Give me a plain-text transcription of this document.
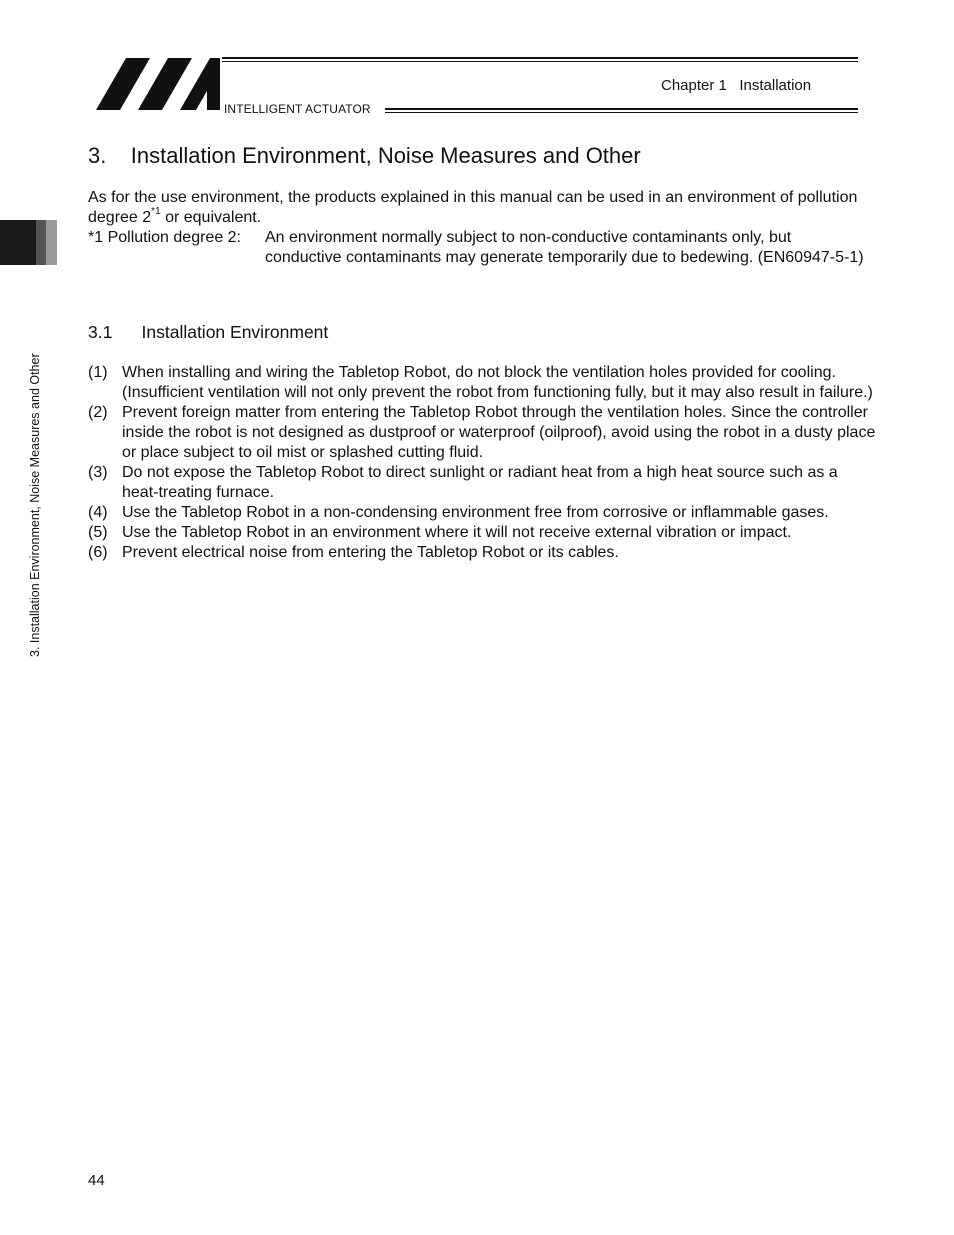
Chapter 1   Installation
INTELLIGENT ACTUATOR
3. Installation Environment, Noise Measures and Other
3.    Installation Environment, Noise Measures and Other
As for the use environment, the products explained in this manual can be used in an environment of pollution degree 2$^{*1}$ or equivalent.
*1 Pollution degree 2: An environment normally subject to non-conductive contaminants only, but conductive contaminants may generate temporarily due to bedewing. (EN60947-5-1)
3.1      Installation Environment
(1) When installing and wiring the Tabletop Robot, do not block the ventilation holes provided for cooling. (Insufficient ventilation will not only prevent the robot from functioning fully, but it may also result in failure.)
(2) Prevent foreign matter from entering the Tabletop Robot through the ventilation holes. Since the controller inside the robot is not designed as dustproof or waterproof (oilproof), avoid using the robot in a dusty place or place subject to oil mist or splashed cutting fluid.
(3) Do not expose the Tabletop Robot to direct sunlight or radiant heat from a high heat source such as a heat-treating furnace.
(4) Use the Tabletop Robot in a non-condensing environment free from corrosive or inflammable gases.
(5) Use the Tabletop Robot in an environment where it will not receive external vibration or impact.
(6) Prevent electrical noise from entering the Tabletop Robot or its cables.
44
